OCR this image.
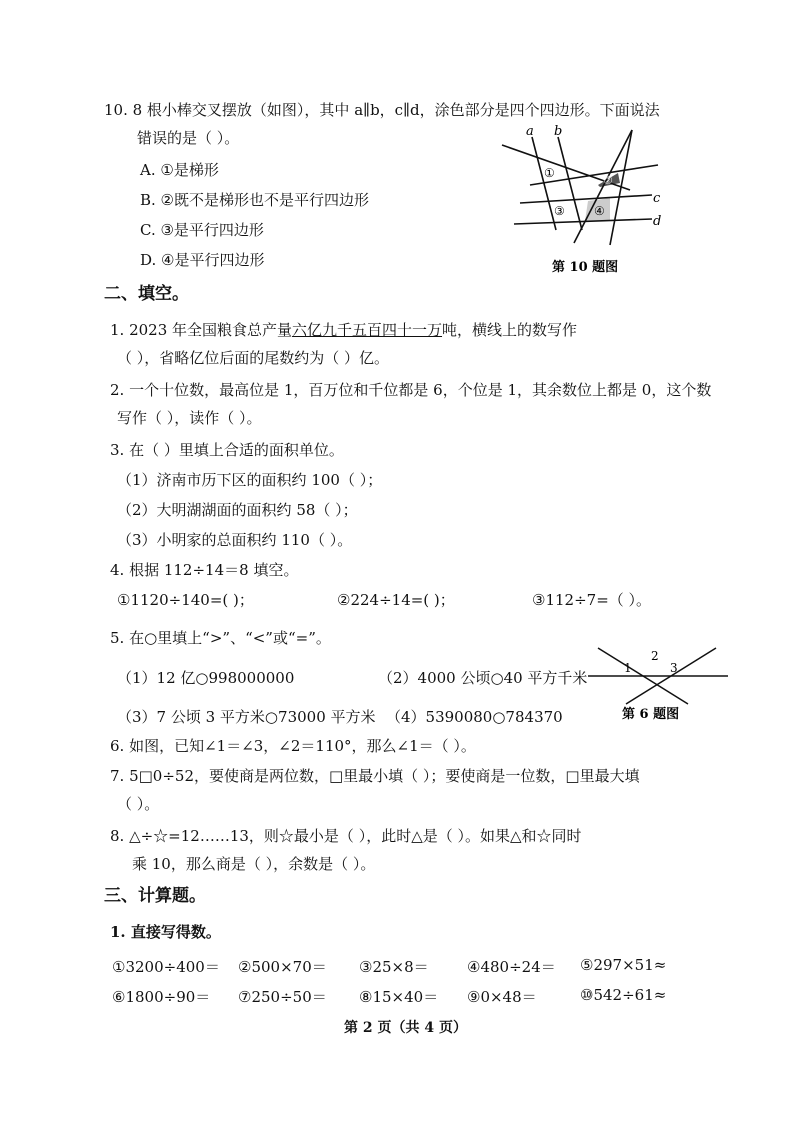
10. 8 根小棒交叉摆放（如图），其中 a∥b，c∥d，涂色部分是四个四边形。下面说法
错误的是（ ）。
A. ①是梯形
B. ②既不是梯形也不是平行四边形
C. ③是平行四边形
D. ④是平行四边形
a b
c
d
①
②
③ ④
第 10 题图
二、填空。
1. 2023 年全国粮食总产量六亿九千五百四十一万吨，横线上的数写作
（ ），省略亿位后面的尾数约为（ ）亿。
2. 一个十位数，最高位是 1，百万位和千位都是 6，个位是 1，其余数位上都是 0，这个数
写作（ ），读作（ ）。
3. 在（ ）里填上合适的面积单位。
（1）济南市历下区的面积约 100（ ）；
（2）大明湖湖面的面积约 58（ ）；
（3）小明家的总面积约 110（ ）。
4. 根据 112÷14＝8 填空。
①1120÷140=( )；	②224÷14=( )；	③112÷7=（ ）。
5. 在○里填上“>”、“<”或“=”。
（1）12 亿○998000000	（2）4000 公顷○40 平方千米
（3）7 公顷 3 平方米○73000 平方米 （4）5390080○784370
1
2
3
第 6 题图
6. 如图，已知∠1＝∠3，∠2＝110°，那么∠1＝（ ）。
7. 5□0÷52，要使商是两位数，□里最小填（ ）；要使商是一位数，□里最大填
（ ）。
8. △÷☆=12……13，则☆最小是（ ），此时△是（ ）。如果△和☆同时
乘 10，那么商是（ ），余数是（ ）。
三、计算题。
1. 直接写得数。
①3200÷400＝ ②500×70＝ ③25×8＝	④480÷24＝ ⑤297×51≈
⑥1800÷90＝ ⑦250÷50＝ ⑧15×40＝ ⑨0×48＝	⑩542÷61≈
第 2 页（共 4 页）
